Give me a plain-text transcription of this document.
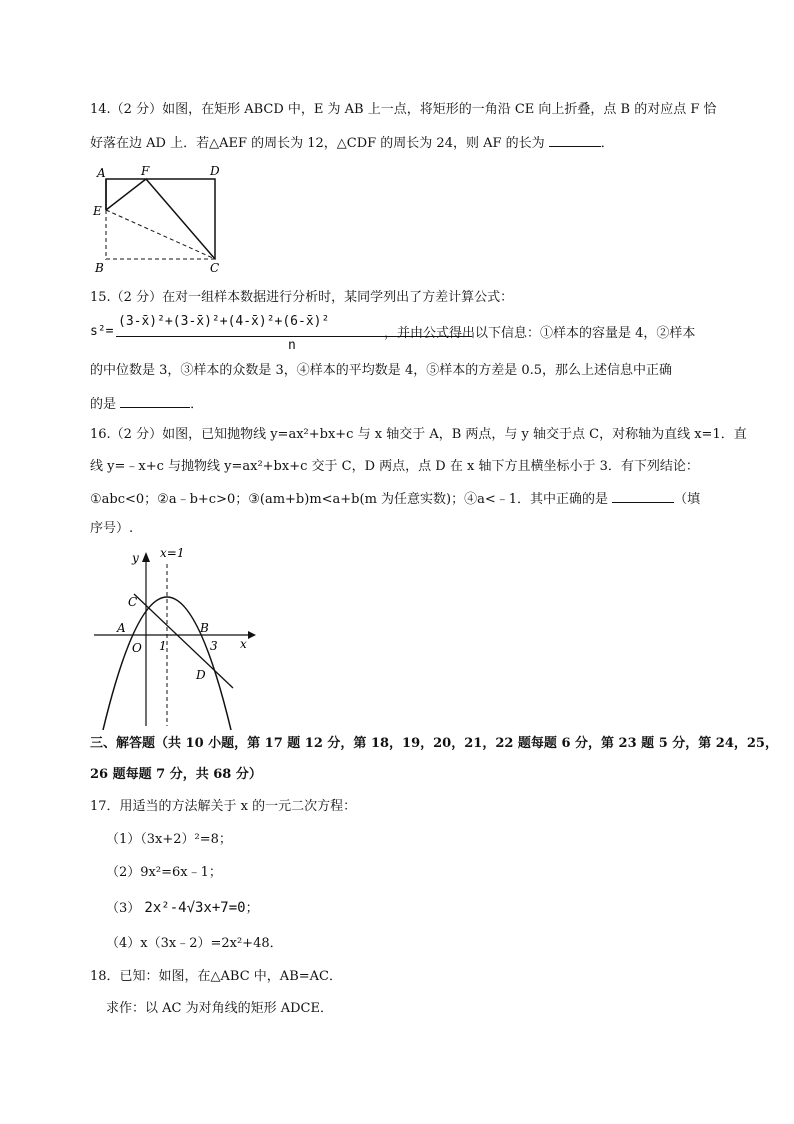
14.（2 分）如图，在矩形 ABCD 中，E 为 AB 上一点，将矩形的一角沿 CE 向上折叠，点 B 的对应点 F 恰
好落在边 AD 上．若△AEF 的周长为 12，△CDF 的周长为 24，则 AF 的长为	．
A	F	D
E
B	C
15.（2 分）在对一组样本数据进行分析时，某同学列出了方差计算公式：
s²=
(3-x̄)²+(3-x̄)²+(4-x̄)²+(6-x̄)²
n
，并由公式得出以下信息：①样本的容量是 4，②样本
的中位数是 3，③样本的众数是 3，④样本的平均数是 4，⑤样本的方差是 0.5，那么上述信息中正确
的是	．
16.（2 分）如图，已知抛物线 y=ax²+bx+c 与 x 轴交于 A，B 两点，与 y 轴交于点 C，对称轴为直线 x=1．直
线 y=﹣x+c 与抛物线 y=ax²+bx+c 交于 C，D 两点，点 D 在 x 轴下方且横坐标小于 3．有下列结论：
①abc<0；②a﹣b+c>0；③(am+b)m<a+b(m 为任意实数)；④a<﹣1．其中正确的是	（填
序号）.
y x=1
C
A	B
x
O 1	3
D
三、解答题（共 10 小题，第 17 题 12 分，第 18，19，20，21，22 题每题 6 分，第 23 题 5 分，第 24，25，
26 题每题 7 分，共 68 分）
17．用适当的方法解关于 x 的一元二次方程：
（1）（3x+2）²=8；
（2）9x²=6x﹣1；
（3） 2x²-4√3x+7=0；
（4）x（3x﹣2）=2x²+48．
18．已知：如图，在△ABC 中，AB=AC．
求作：以 AC 为对角线的矩形 ADCE．
